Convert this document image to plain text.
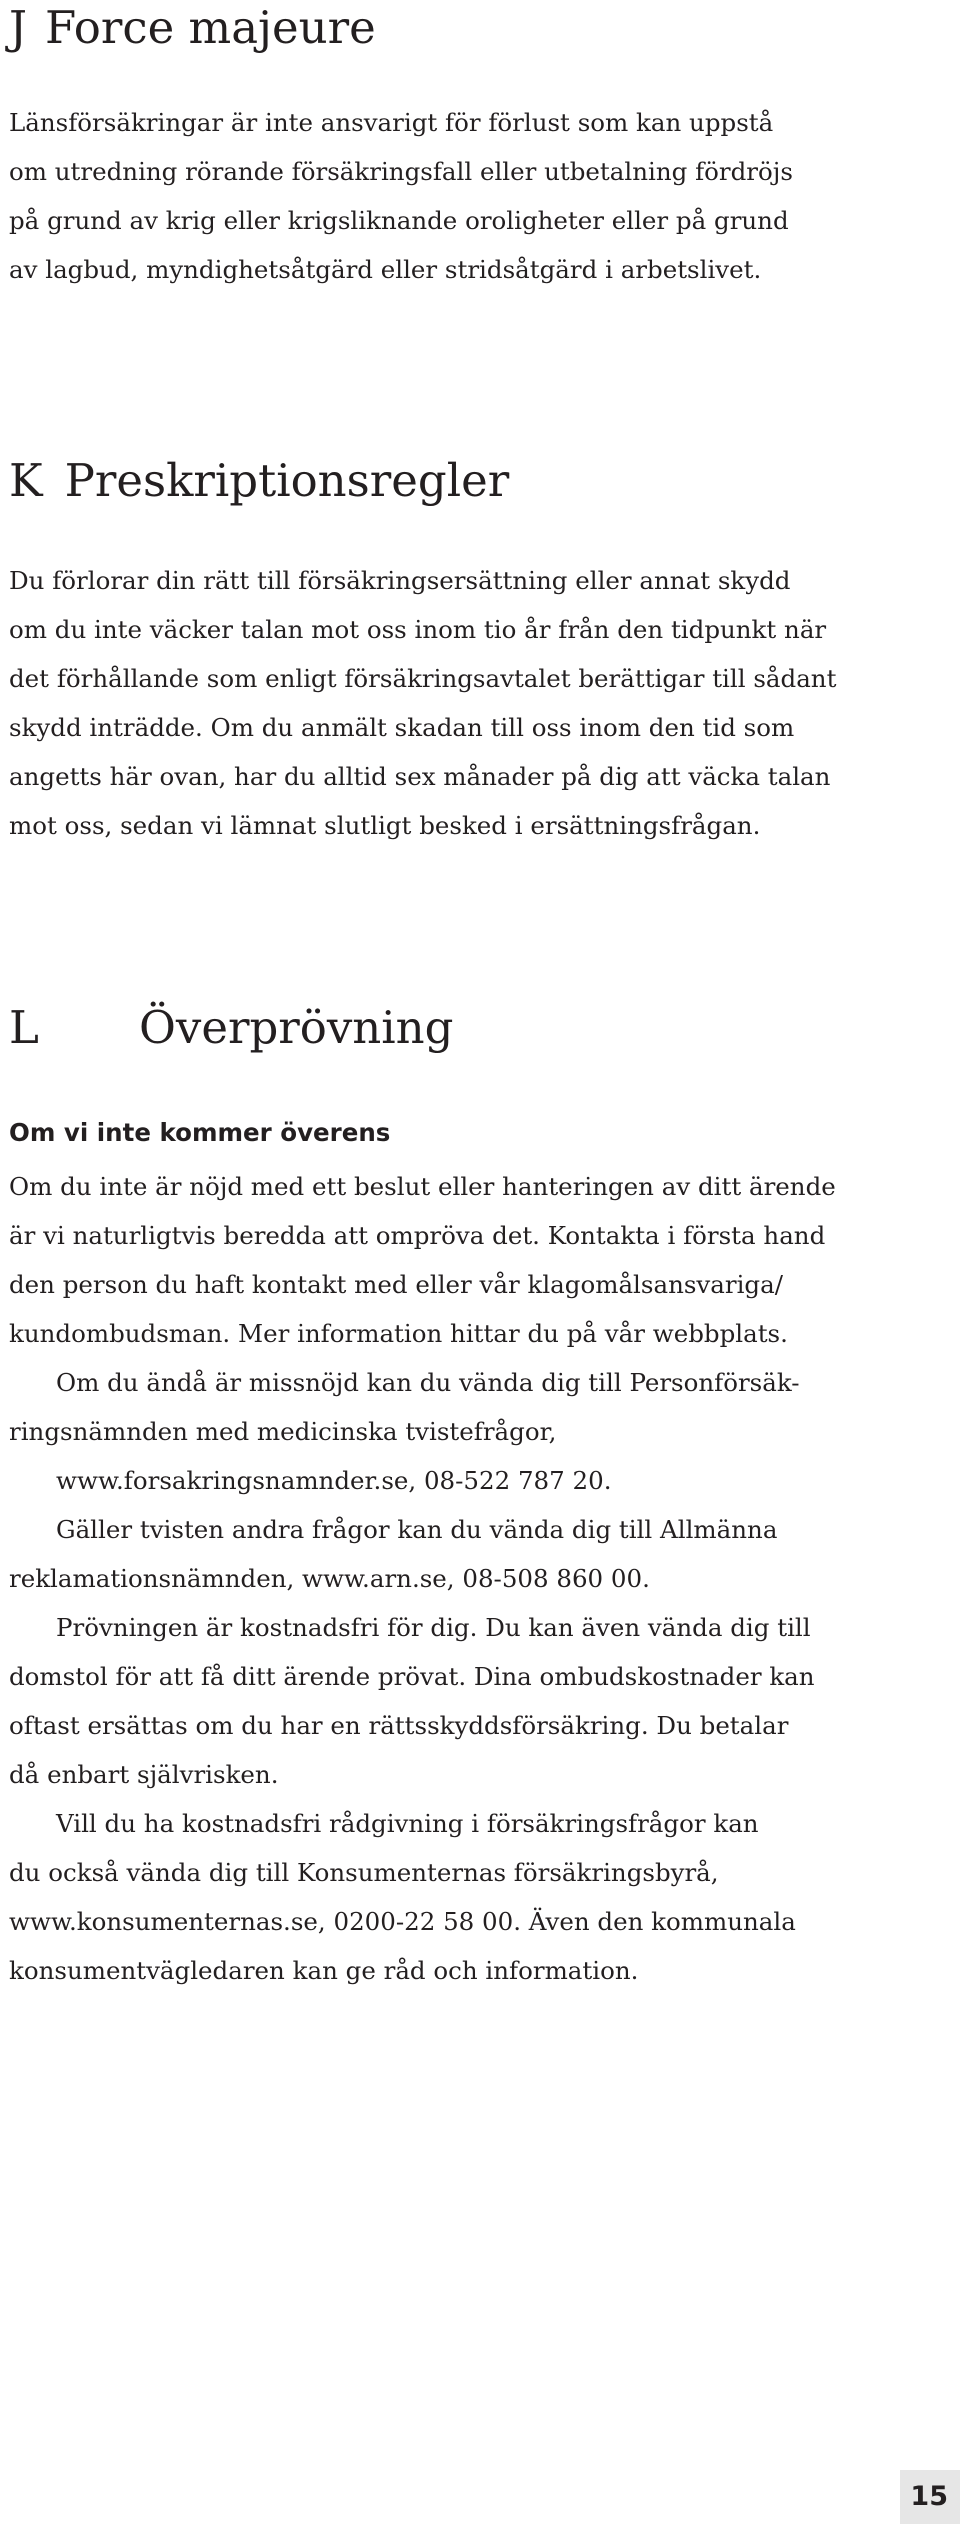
J Force majeure
Länsförsäkringar är inte ansvarigt för förlust som kan uppstå
om utredning rörande försäkringsfall eller utbetalning fördröjs
på grund av krig eller krigsliknande oroligheter eller på grund
av lagbud, myndighetsåtgärd eller stridsåtgärd i arbetslivet.
K Preskriptionsregler
Du förlorar din rätt till försäkringsersättning eller annat skydd
om du inte väcker talan mot oss inom tio år från den tidpunkt när
det förhållande som enligt försäkringsavtalet berättigar till sådant
skydd inträdde. Om du anmält skadan till oss inom den tid som
angetts här ovan, har du alltid sex månader på dig att väcka talan
mot oss, sedan vi lämnat slutligt besked i ersättningsfrågan.
L Överprövning
Om vi inte kommer överens
Om du inte är nöjd med ett beslut eller hanteringen av ditt ärende
är vi naturligtvis beredda att ompröva det. Kontakta i första hand
den person du haft kontakt med eller vår klagomålsansvariga/
kundombudsman. Mer information hittar du på vår webbplats.
Om du ändå är missnöjd kan du vända dig till Personförsäk-
ringsnämnden med medicinska tvistefrågor,
www.forsakringsnamnder.se, 08-522 787 20.
Gäller tvisten andra frågor kan du vända dig till Allmänna
reklamationsnämnden, www.arn.se, 08-508 860 00.
Prövningen är kostnadsfri för dig. Du kan även vända dig till
domstol för att få ditt ärende prövat. Dina ombudskostnader kan
oftast ersättas om du har en rättsskyddsförsäkring. Du betalar
då enbart självrisken.
Vill du ha kostnadsfri rådgivning i försäkringsfrågor kan
du också vända dig till Konsumenternas försäkringsbyrå,
www.konsumenternas.se, 0200-22 58 00. Även den kommunala
konsumentvägledaren kan ge råd och information.
15
